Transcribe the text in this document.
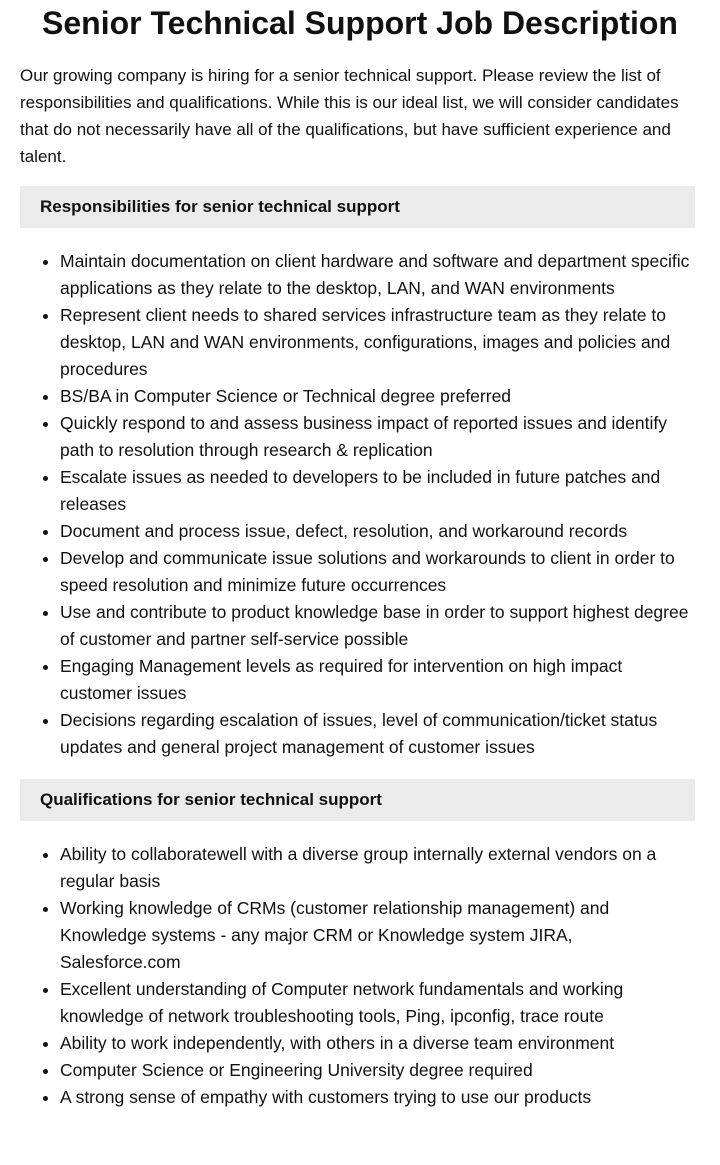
Senior Technical Support Job Description

Our growing company is hiring for a senior technical support. Please review the list of responsibilities and qualifications. While this is our ideal list, we will consider candidates that do not necessarily have all of the qualifications, but have sufficient experience and talent.

Responsibilities for senior technical support
• Maintain documentation on client hardware and software and department specific applications as they relate to the desktop, LAN, and WAN environments
• Represent client needs to shared services infrastructure team as they relate to desktop, LAN and WAN environments, configurations, images and policies and procedures
• BS/BA in Computer Science or Technical degree preferred
• Quickly respond to and assess business impact of reported issues and identify path to resolution through research & replication
• Escalate issues as needed to developers to be included in future patches and releases
• Document and process issue, defect, resolution, and workaround records
• Develop and communicate issue solutions and workarounds to client in order to speed resolution and minimize future occurrences
• Use and contribute to product knowledge base in order to support highest degree of customer and partner self-service possible
• Engaging Management levels as required for intervention on high impact customer issues
• Decisions regarding escalation of issues, level of communication/ticket status updates and general project management of customer issues
Qualifications for senior technical support
• Ability to collaboratewell with a diverse group internally external vendors on a regular basis
• Working knowledge of CRMs (customer relationship management) and Knowledge systems - any major CRM or Knowledge system JIRA, Salesforce.com
• Excellent understanding of Computer network fundamentals and working knowledge of network troubleshooting tools, Ping, ipconfig, trace route
• Ability to work independently, with others in a diverse team environment
• Computer Science or Engineering University degree required
• A strong sense of empathy with customers trying to use our products
